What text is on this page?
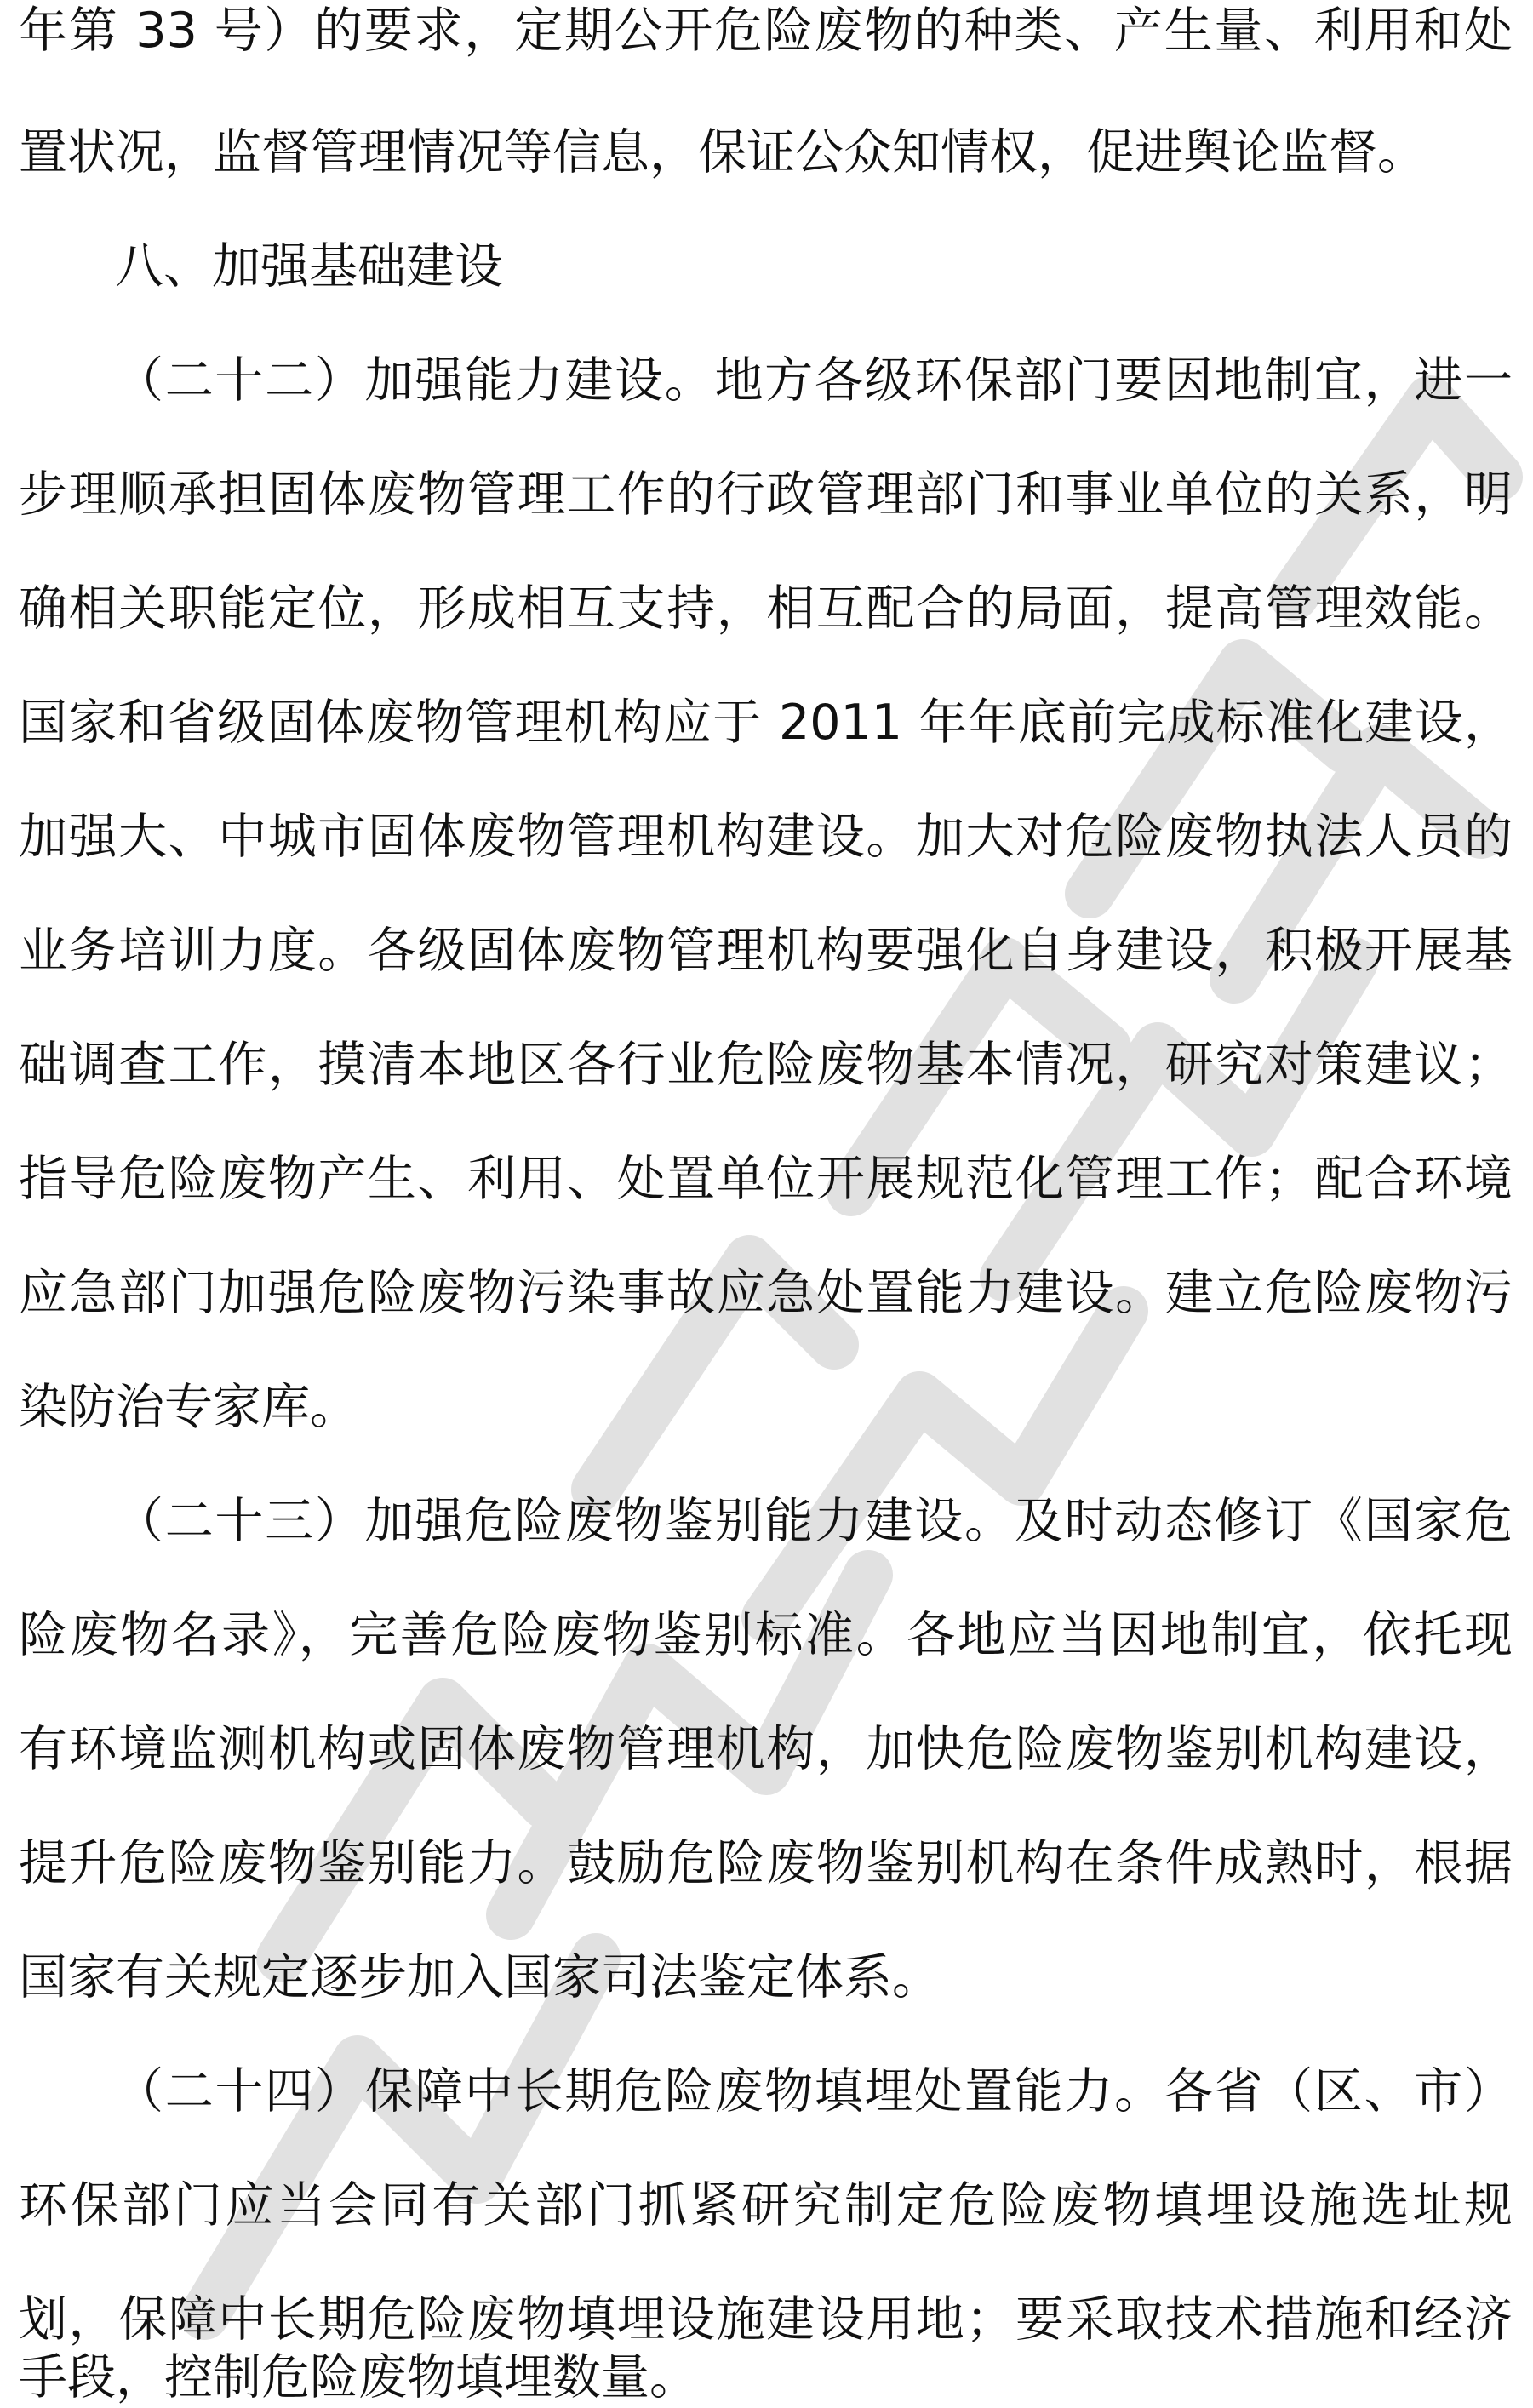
年第 33 号）的要求，定期公开危险废物的种类、产生量、利用和处
置状况，监督管理情况等信息，保证公众知情权，促进舆论监督。
八、加强基础建设
（二十二）加强能力建设。地方各级环保部门要因地制宜，进一
步理顺承担固体废物管理工作的行政管理部门和事业单位的关系，明
确相关职能定位，形成相互支持，相互配合的局面，提高管理效能。
国家和省级固体废物管理机构应于 2011 年年底前完成标准化建设，
加强大、中城市固体废物管理机构建设。加大对危险废物执法人员的
业务培训力度。各级固体废物管理机构要强化自身建设，积极开展基
础调查工作，摸清本地区各行业危险废物基本情况，研究对策建议；
指导危险废物产生、利用、处置单位开展规范化管理工作；配合环境
应急部门加强危险废物污染事故应急处置能力建设。建立危险废物污
染防治专家库。
（二十三）加强危险废物鉴别能力建设。及时动态修订《国家危
险废物名录》，完善危险废物鉴别标准。各地应当因地制宜，依托现
有环境监测机构或固体废物管理机构，加快危险废物鉴别机构建设，
提升危险废物鉴别能力。鼓励危险废物鉴别机构在条件成熟时，根据
国家有关规定逐步加入国家司法鉴定体系。
（二十四）保障中长期危险废物填埋处置能力。各省（区、市）
环保部门应当会同有关部门抓紧研究制定危险废物填埋设施选址规
划，保障中长期危险废物填埋设施建设用地；要采取技术措施和经济
手段，控制危险废物填埋数量。
